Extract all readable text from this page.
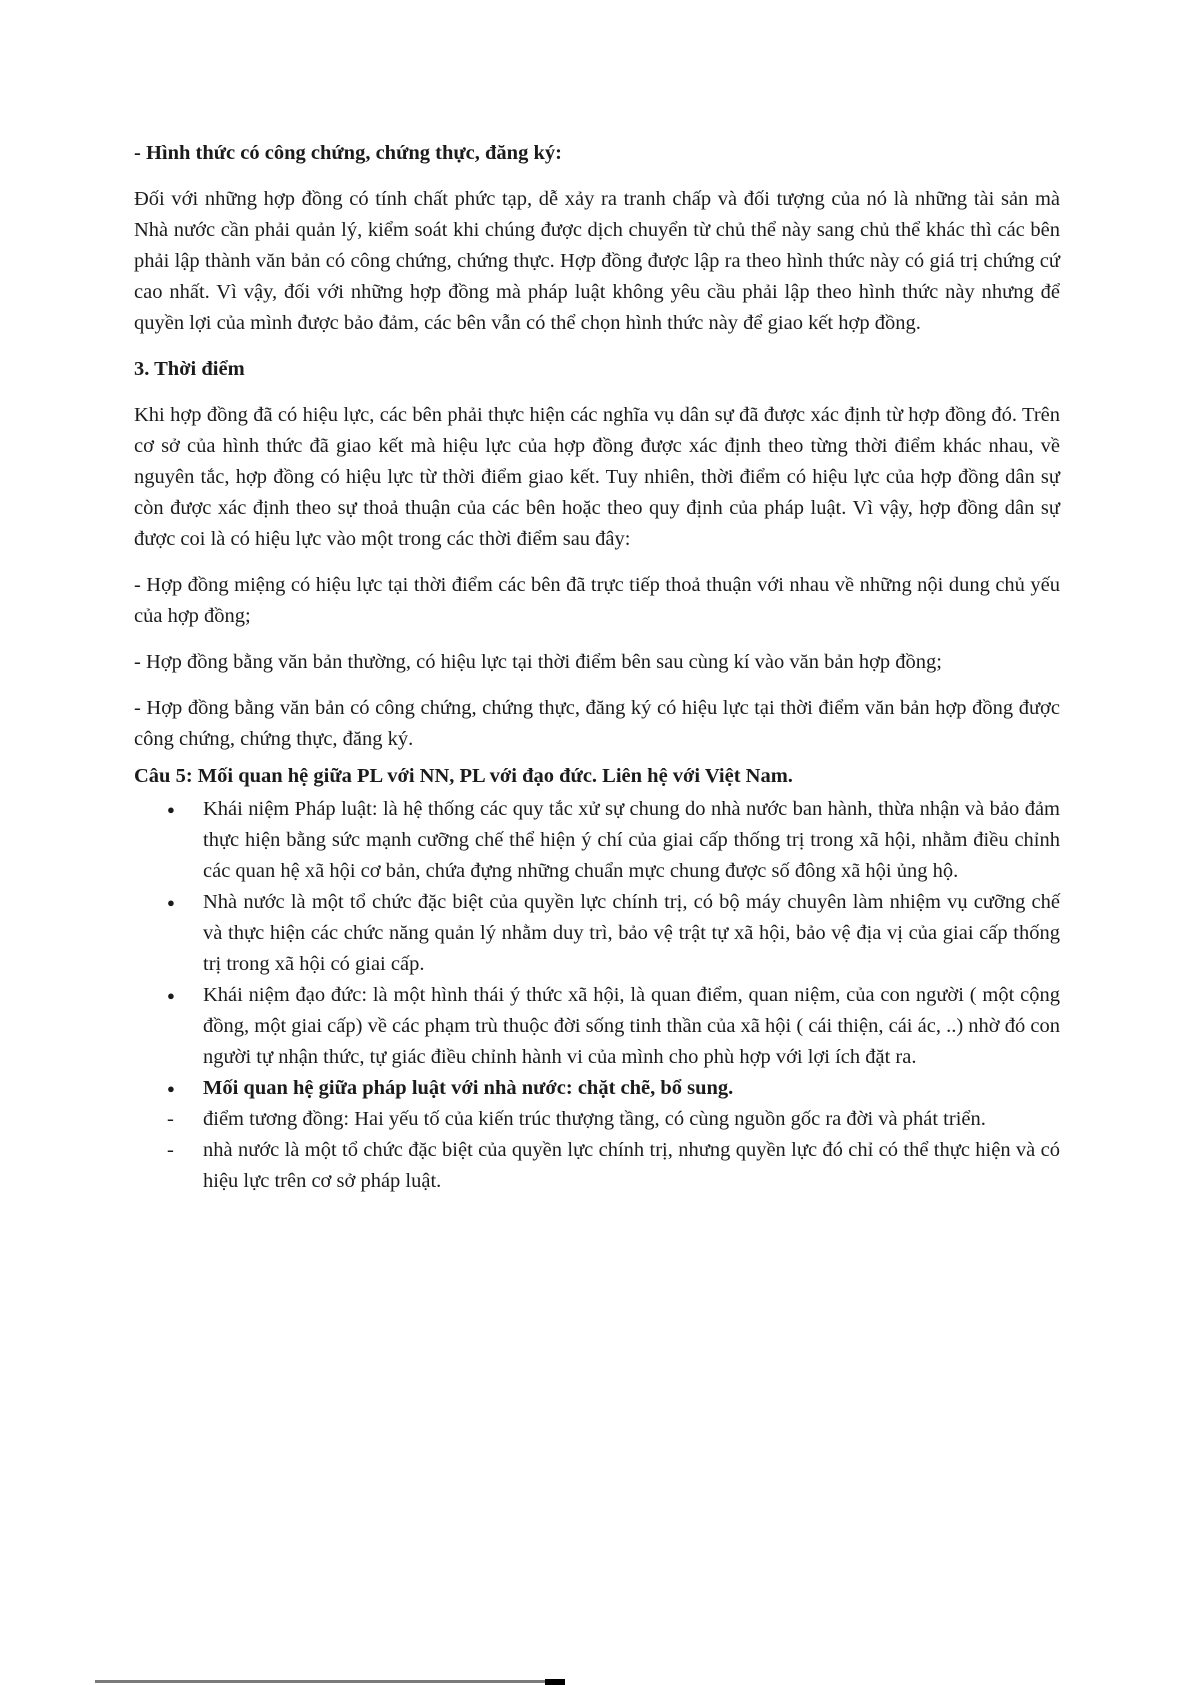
- Hình thức có công chứng, chứng thực, đăng ký:

Đối với những hợp đồng có tính chất phức tạp, dễ xảy ra tranh chấp và đối tượng của nó là những tài sản mà Nhà nước cần phải quản lý, kiểm soát khi chúng được dịch chuyển từ chủ thể này sang chủ thể khác thì các bên phải lập thành văn bản có công chứng, chứng thực. Hợp đồng được lập ra theo hình thức này có giá trị chứng cứ cao nhất. Vì vậy, đối với những hợp đồng mà pháp luật không yêu cầu phải lập theo hình thức này nhưng để quyền lợi của mình được bảo đảm, các bên vẫn có thể chọn hình thức này để giao kết hợp đồng.

3. Thời điểm

Khi hợp đồng đã có hiệu lực, các bên phải thực hiện các nghĩa vụ dân sự đã được xác định từ hợp đồng đó. Trên cơ sở của hình thức đã giao kết mà hiệu lực của hợp đồng được xác định theo từng thời điểm khác nhau, về nguyên tắc, hợp đồng có hiệu lực từ thời điểm giao kết. Tuy nhiên, thời điểm có hiệu lực của hợp đồng dân sự còn được xác định theo sự thoả thuận của các bên hoặc theo quy định của pháp luật. Vì vậy, hợp đồng dân sự được coi là có hiệu lực vào một trong các thời điểm sau đây:

- Hợp đồng miệng có hiệu lực tại thời điểm các bên đã trực tiếp thoả thuận với nhau về những nội dung chủ yếu của hợp đồng;

- Hợp đồng bằng văn bản thường, có hiệu lực tại thời điểm bên sau cùng kí vào văn bản hợp đồng;

- Hợp đồng bằng văn bản có công chứng, chứng thực, đăng ký có hiệu lực tại thời điểm văn bản hợp đồng được công chứng, chứng thực, đăng ký.

Câu 5: Mối quan hệ giữa PL với NN, PL với đạo đức. Liên hệ với Việt Nam.
●	Khái niệm Pháp luật: là hệ thống các quy tắc xử sự chung do nhà nước ban hành, thừa nhận và bảo đảm thực hiện bằng sức mạnh cưỡng chế thể hiện ý chí của giai cấp thống trị trong xã hội, nhằm điều chỉnh các quan hệ xã hội cơ bản, chứa đựng những chuẩn mực chung được số đông xã hội ủng hộ.
●	Nhà nước là một tổ chức đặc biệt của quyền lực chính trị, có bộ máy chuyên làm nhiệm vụ cưỡng chế và thực hiện các chức năng quản lý nhằm duy trì, bảo vệ trật tự xã hội, bảo vệ địa vị của giai cấp thống trị trong xã hội có giai cấp.
●	Khái niệm đạo đức: là một hình thái ý thức xã hội, là quan điểm, quan niệm, của con người ( một cộng đồng, một giai cấp) về các phạm trù thuộc đời sống tinh thần của xã hội ( cái thiện, cái ác, ..) nhờ đó con người tự nhận thức, tự giác điều chỉnh hành vi của mình cho phù hợp với lợi ích đặt ra.
●	Mối quan hệ giữa pháp luật với nhà nước: chặt chẽ, bổ sung.
-	điểm tương đồng: Hai yếu tố của kiến trúc thượng tầng, có cùng nguồn gốc ra đời và phát triển.
-	nhà nước là một tổ chức đặc biệt của quyền lực chính trị, nhưng quyền lực đó chỉ có thể thực hiện và có hiệu lực trên cơ sở pháp luật.
